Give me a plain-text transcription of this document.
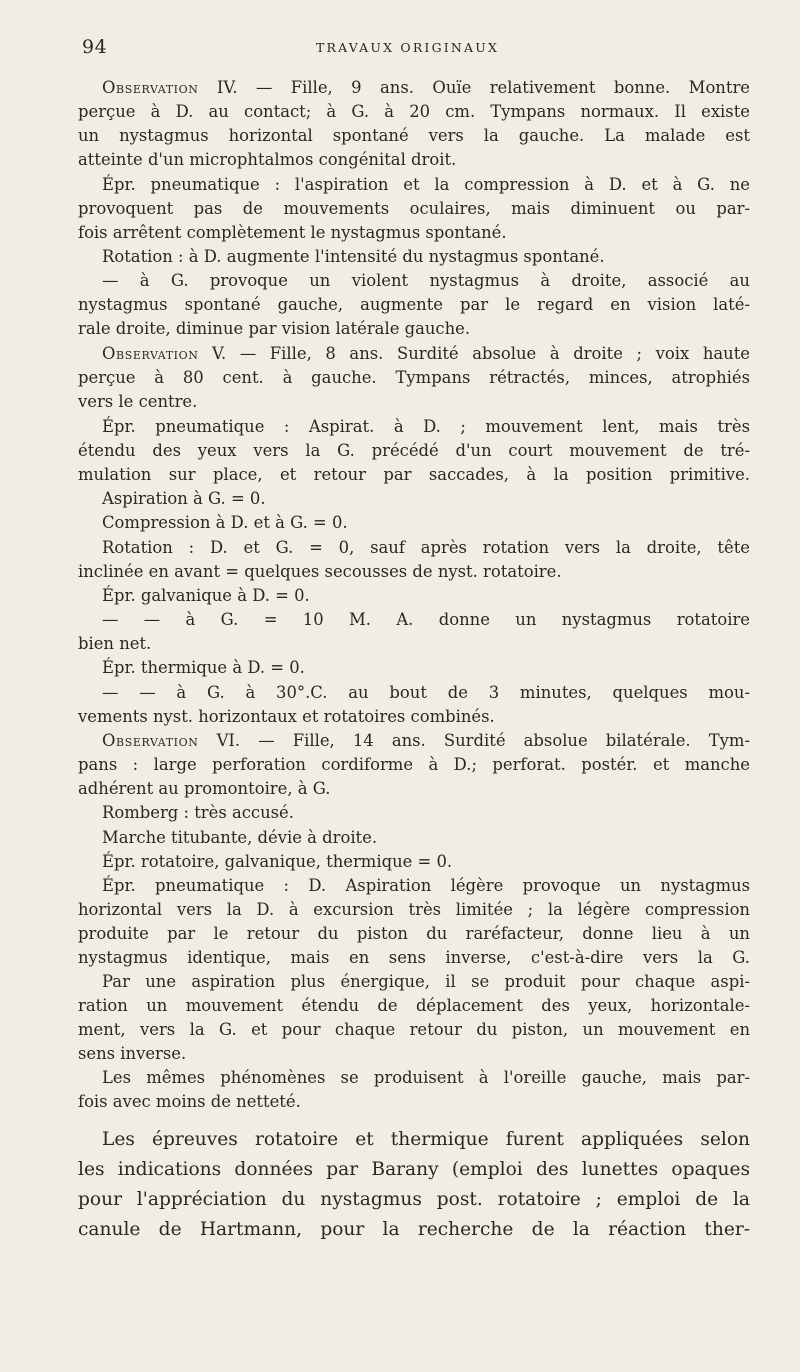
94	TRAVAUX ORIGINAUX
Observation IV. — Fille, 9 ans. Ouïe relativement bonne. Montre
perçue à D. au contact; à G. à 20 cm. Tympans normaux. Il existe
un nystagmus horizontal spontané vers la gauche. La malade est
atteinte d'un microphtalmos congénital droit.
Épr. pneumatique : l'aspiration et la compression à D. et à G. ne
provoquent pas de mouvements oculaires, mais diminuent ou par-
fois arrêtent complètement le nystagmus spontané.
Rotation : à D. augmente l'intensité du nystagmus spontané.
— à G. provoque un violent nystagmus à droite, associé au
nystagmus spontané gauche, augmente par le regard en vision laté-
rale droite, diminue par vision latérale gauche.
Observation V. — Fille, 8 ans. Surdité absolue à droite ; voix haute
perçue à 80 cent. à gauche. Tympans rétractés, minces, atrophiés
vers le centre.
Épr. pneumatique : Aspirat. à D. ; mouvement lent, mais très
étendu des yeux vers la G. précédé d'un court mouvement de tré-
mulation sur place, et retour par saccades, à la position primitive.
Aspiration à G. = 0.
Compression à D. et à G. = 0.
Rotation : D. et G. = 0, sauf après rotation vers la droite, tête
inclinée en avant = quelques secousses de nyst. rotatoire.
Épr. galvanique à D. = 0.
— — à G. = 10 M. A. donne un nystagmus rotatoire
bien net.
Épr. thermique à D. = 0.
— — à G. à 30°.C. au bout de 3 minutes, quelques mou-
vements nyst. horizontaux et rotatoires combinés.
Observation VI. — Fille, 14 ans. Surdité absolue bilatérale. Tym-
pans : large perforation cordiforme à D.; perforat. postér. et manche
adhérent au promontoire, à G.
Romberg : très accusé.
Marche titubante, dévie à droite.
Épr. rotatoire, galvanique, thermique = 0.
Épr. pneumatique : D. Aspiration légère provoque un nystagmus
horizontal vers la D. à excursion très limitée ; la légère compression
produite par le retour du piston du raréfacteur, donne lieu à un
nystagmus identique, mais en sens inverse, c'est-à-dire vers la G.
Par une aspiration plus énergique, il se produit pour chaque aspi-
ration un mouvement étendu de déplacement des yeux, horizontale-
ment, vers la G. et pour chaque retour du piston, un mouvement en
sens inverse.
Les mêmes phénomènes se produisent à l'oreille gauche, mais par-
fois avec moins de netteté.
Les épreuves rotatoire et thermique furent appliquées selon
les indications données par Barany (emploi des lunettes opaques
pour l'appréciation du nystagmus post. rotatoire ; emploi de la
canule de Hartmann, pour la recherche de la réaction ther-
